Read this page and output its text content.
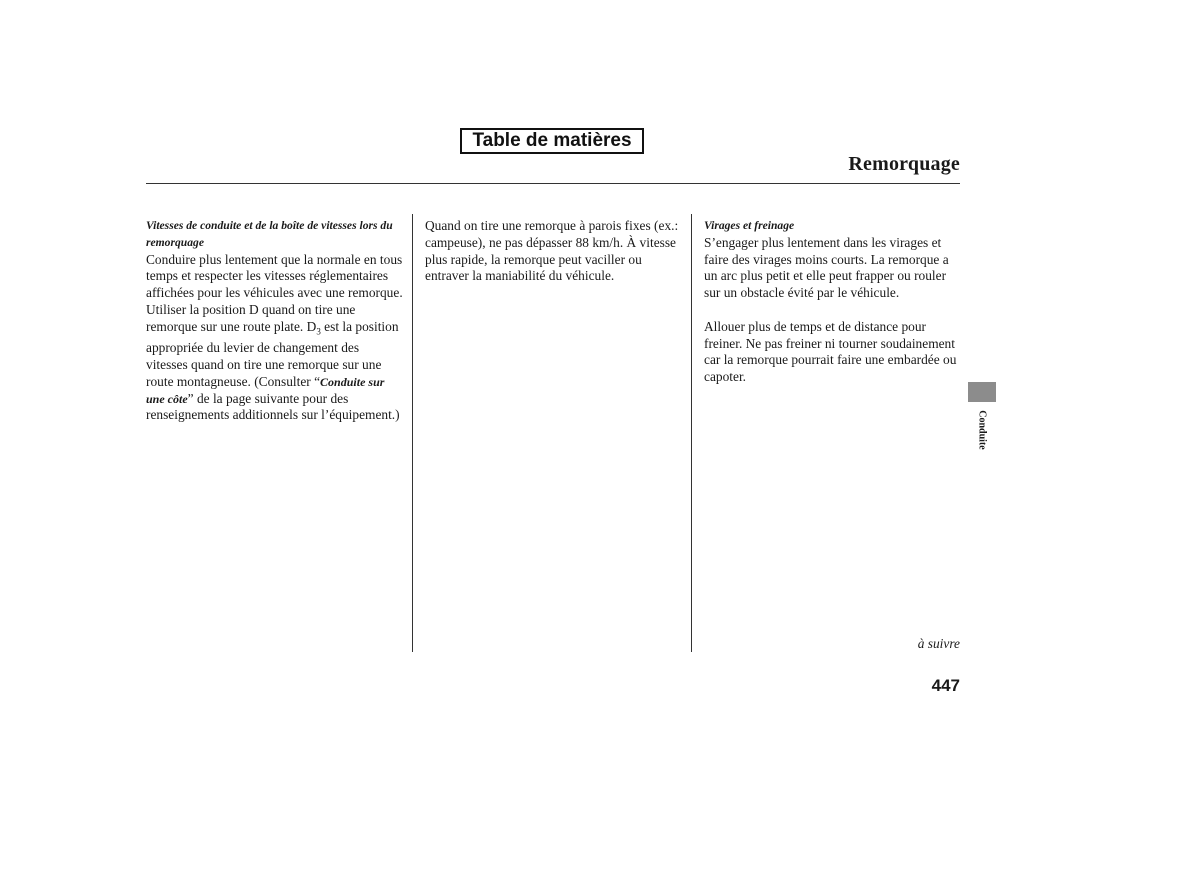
Table de matières
Remorquage
Vitesses de conduite et de la boîte de vitesses lors du remorquage

Conduire plus lentement que la normale en tous temps et respecter les vitesses réglementaires affichées pour les véhicules avec une remorque. Utiliser la position D quand on tire une remorque sur une route plate. $D_3$ est la position appropriée du levier de changement des vitesses quand on tire une remorque sur une route montagneuse. (Consulter “Conduite sur une côte” de la page suivante pour des renseignements additionnels sur l’équipement.)

Quand on tire une remorque à parois fixes (ex.: campeuse), ne pas dépasser 88 km/h. À vitesse plus rapide, la remorque peut vaciller ou entraver la maniabilité du véhicule.

Virages et freinage

S’engager plus lentement dans les virages et faire des virages moins courts. La remorque a un arc plus petit et elle peut frapper ou rouler sur un obstacle évité par le véhicule.

Allouer plus de temps et de distance pour freiner. Ne pas freiner ni tourner soudainement car la remorque pourrait faire une embardée ou capoter.

Conduite
à suivre
447
